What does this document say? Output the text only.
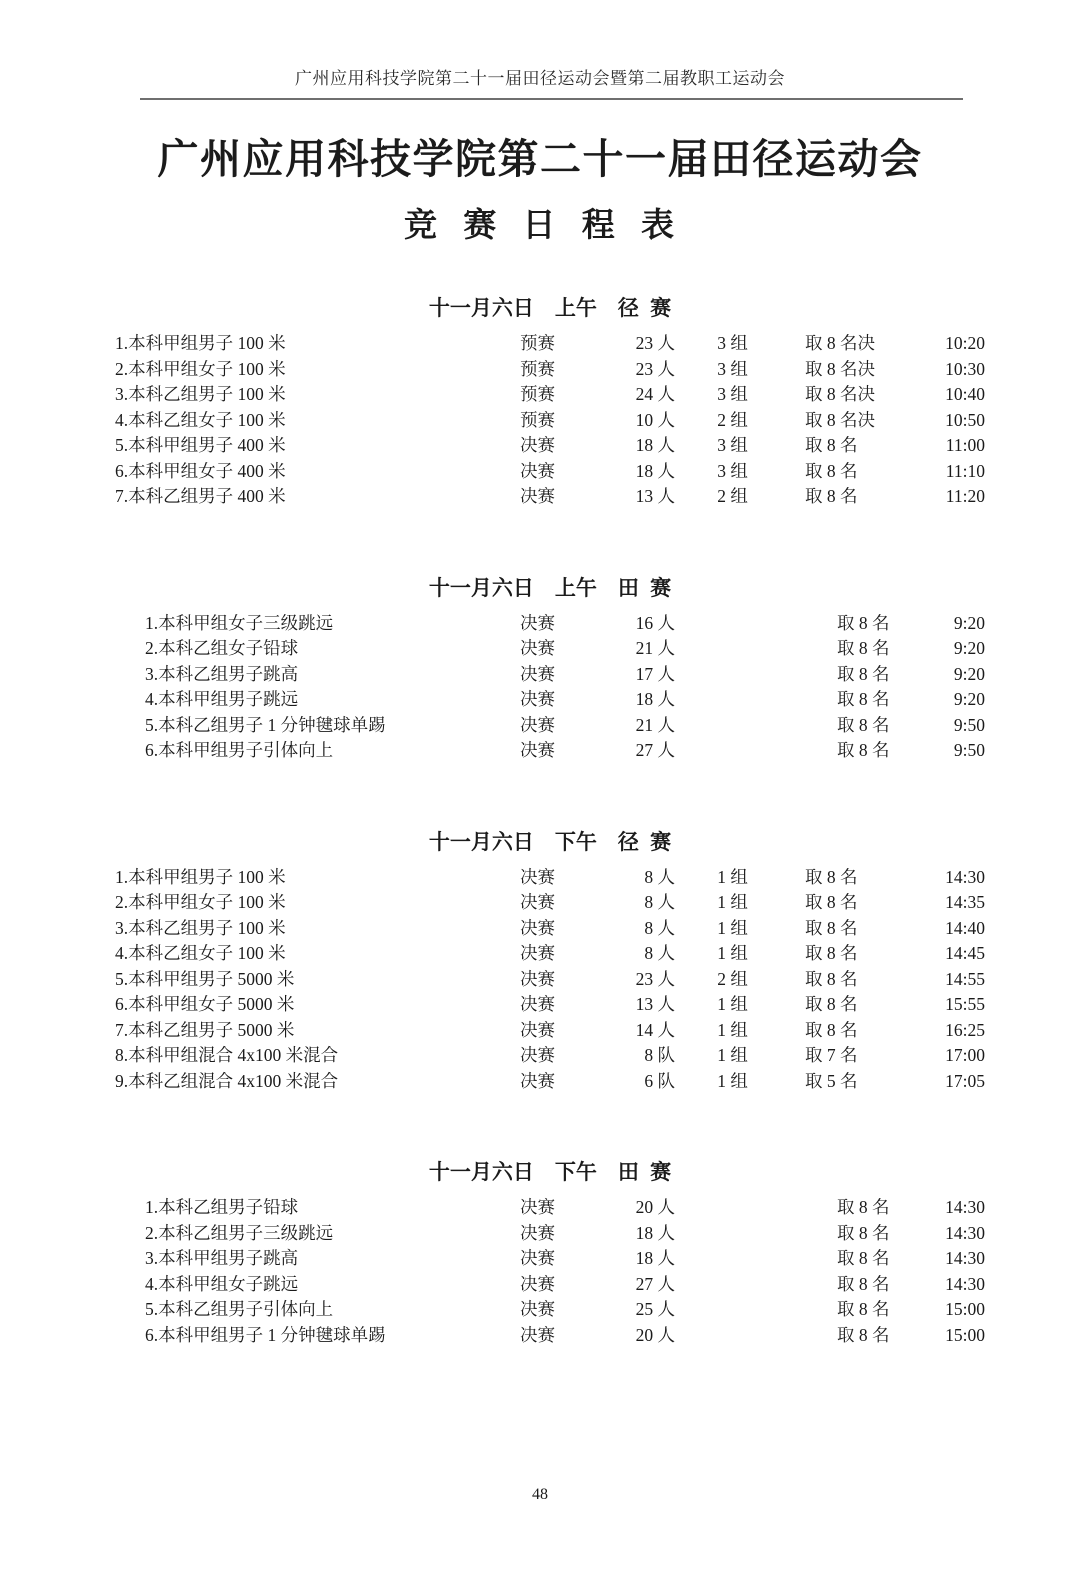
广州应用科技学院第二十一届田径运动会暨第二届教职工运动会
广州应用科技学院第二十一届田径运动会
竞 赛 日 程 表
十一月六日　上午　径 赛
1.本科甲组男子 100 米	预赛	23 人	3 组	取 8 名决	10:20
2.本科甲组女子 100 米	预赛	23 人	3 组	取 8 名决	10:30
3.本科乙组男子 100 米	预赛	24 人	3 组	取 8 名决	10:40
4.本科乙组女子 100 米	预赛	10 人	2 组	取 8 名决	10:50
5.本科甲组男子 400 米	决赛	18 人	3 组	取 8 名	11:00
6.本科甲组女子 400 米	决赛	18 人	3 组	取 8 名	11:10
7.本科乙组男子 400 米	决赛	13 人	2 组	取 8 名	11:20
十一月六日　上午　田 赛
1.本科甲组女子三级跳远	决赛	16 人	取 8 名	9:20
2.本科乙组女子铅球	决赛	21 人	取 8 名	9:20
3.本科乙组男子跳高	决赛	17 人	取 8 名	9:20
4.本科甲组男子跳远	决赛	18 人	取 8 名	9:20
5.本科乙组男子 1 分钟毽球单踢	决赛	21 人	取 8 名	9:50
6.本科甲组男子引体向上	决赛	27 人	取 8 名	9:50
十一月六日　下午　径 赛
1.本科甲组男子 100 米	决赛	8 人	1 组	取 8 名	14:30
2.本科甲组女子 100 米	决赛	8 人	1 组	取 8 名	14:35
3.本科乙组男子 100 米	决赛	8 人	1 组	取 8 名	14:40
4.本科乙组女子 100 米	决赛	8 人	1 组	取 8 名	14:45
5.本科甲组男子 5000 米	决赛	23 人	2 组	取 8 名	14:55
6.本科甲组女子 5000 米	决赛	13 人	1 组	取 8 名	15:55
7.本科乙组男子 5000 米	决赛	14 人	1 组	取 8 名	16:25
8.本科甲组混合 4x100 米混合	决赛	8 队	1 组	取 7 名	17:00
9.本科乙组混合 4x100 米混合	决赛	6 队	1 组	取 5 名	17:05
十一月六日　下午　田 赛
1.本科乙组男子铅球	决赛	20 人	取 8 名	14:30
2.本科乙组男子三级跳远	决赛	18 人	取 8 名	14:30
3.本科甲组男子跳高	决赛	18 人	取 8 名	14:30
4.本科甲组女子跳远	决赛	27 人	取 8 名	14:30
5.本科乙组男子引体向上	决赛	25 人	取 8 名	15:00
6.本科甲组男子 1 分钟毽球单踢	决赛	20 人	取 8 名	15:00
48
